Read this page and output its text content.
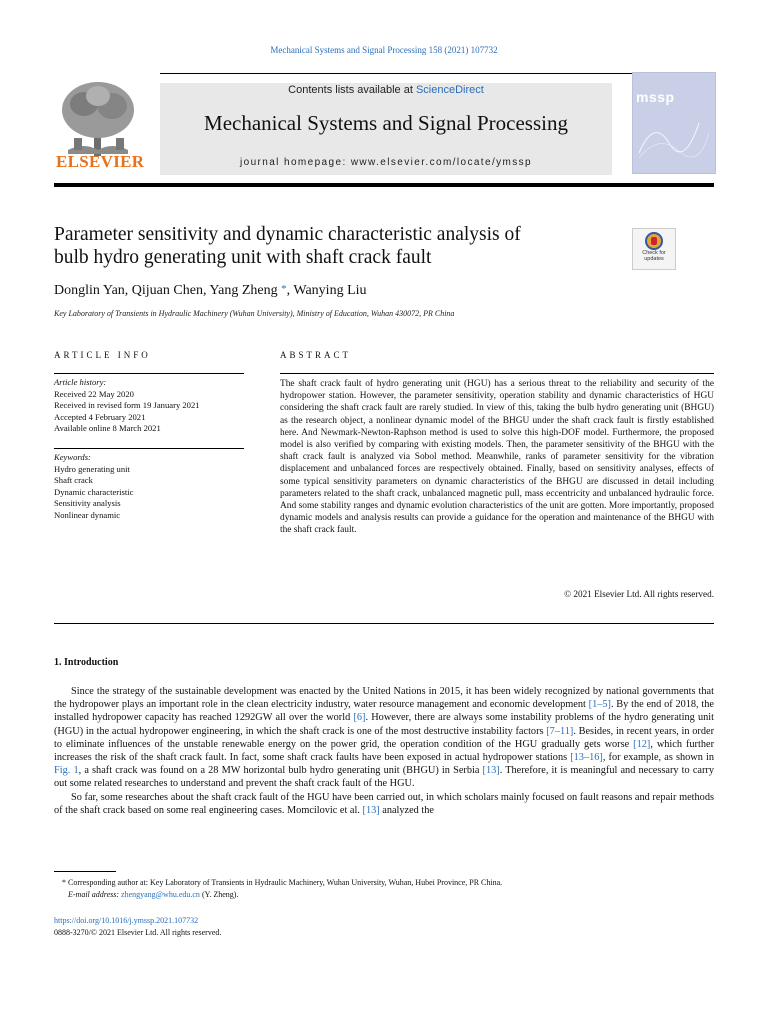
Mechanical Systems and Signal Processing 158 (2021) 107732
ELSEVIER
Contents lists available at ScienceDirect
Mechanical Systems and Signal Processing
journal homepage: www.elsevier.com/locate/ymssp
mssp
Parameter sensitivity and dynamic characteristic analysis of
bulb hydro generating unit with shaft crack fault	Check for
updates
Donglin Yan, Qijuan Chen, Yang Zheng *, Wanying Liu
Key Laboratory of Transients in Hydraulic Machinery (Wuhan University), Ministry of Education, Wuhan 430072, PR China
ARTICLE INFO	ABSTRACT
Article history:
Received 22 May 2020
Received in revised form 19 January 2021
Accepted 4 February 2021
Available online 8 March 2021
Keywords:
Hydro generating unit
Shaft crack
Dynamic characteristic
Sensitivity analysis
Nonlinear dynamic
The shaft crack fault of hydro generating unit (HGU) has a serious threat to the reliability and security of the hydropower station. However, the parameter sensitivity, operation stability and dynamic characteristics of HGU considering the shaft crack fault are rarely studied. In view of this, taking the bulb hydro generating unit (BHGU) as the research object, a nonlinear dynamic model of the BHGU under the shaft crack fault is firstly established here. And Newmark-Newton-Raphson method is used to solve this high-DOF model. Furthermore, the proposed model is also verified by comparing with existing models. Then, the parameter sensitivity of the BHGU with the shaft crack fault is analyzed via Sobol method. Meanwhile, ranks of parameter sensitivity for the vibration displacement and unbalanced forces are respectively obtained. Finally, based on sensitivity analyses, effects of some typical sensitivity parameters on dynamic characteristics of the BHGU are discussed in detail including parameters related to the shaft crack, unbalanced magnetic pull, mass eccentricity and unbalanced hydraulic force. And some stability ranges and dynamic evolution characteristics of the unit are gotten. More importantly, proposed dynamic models and analysis results can provide a guidance for the operation and maintenance of the BHGU with the shaft crack fault.
© 2021 Elsevier Ltd. All rights reserved.
1. Introduction

Since the strategy of the sustainable development was enacted by the United Nations in 2015, it has been widely recognized by national governments that the hydropower plays an important role in the clean electricity industry, water resource management and economic development [1–5]. By the end of 2018, the installed hydropower capacity has reached 1292GW all over the world [6]. However, there are always some instability problems of the hydro generating unit (HGU) in the actual hydropower engineering, in which the shaft crack is one of the most destructive instability factors [7–11]. Besides, in recent years, in order to eliminate influences of the unstable renewable energy on the power grid, the operation condition of the HGU gradually gets worse [12], which further increases the risk of the shaft crack fault. In fact, some shaft crack faults have been exposed in actual hydropower stations [13–16], for example, as shown in Fig. 1, a shaft crack was found on a 28 MW horizontal bulb hydro generating unit (BHGU) in Serbia [13]. Therefore, it is meaningful and necessary to carry out some related researches to understand and prevent the shaft crack fault of the HGU.

So far, some researches about the shaft crack fault of the HGU have been carried out, in which scholars mainly focused on fault reasons and repair methods of the shaft crack based on some real engineering cases. Momcilovic et al. [13] analyzed the

* Corresponding author at: Key Laboratory of Transients in Hydraulic Machinery, Wuhan University, Wuhan, Hubei Province, PR China.
E-mail address: zhengyang@whu.edu.cn (Y. Zheng).
https://doi.org/10.1016/j.ymssp.2021.107732
0888-3270/© 2021 Elsevier Ltd. All rights reserved.
